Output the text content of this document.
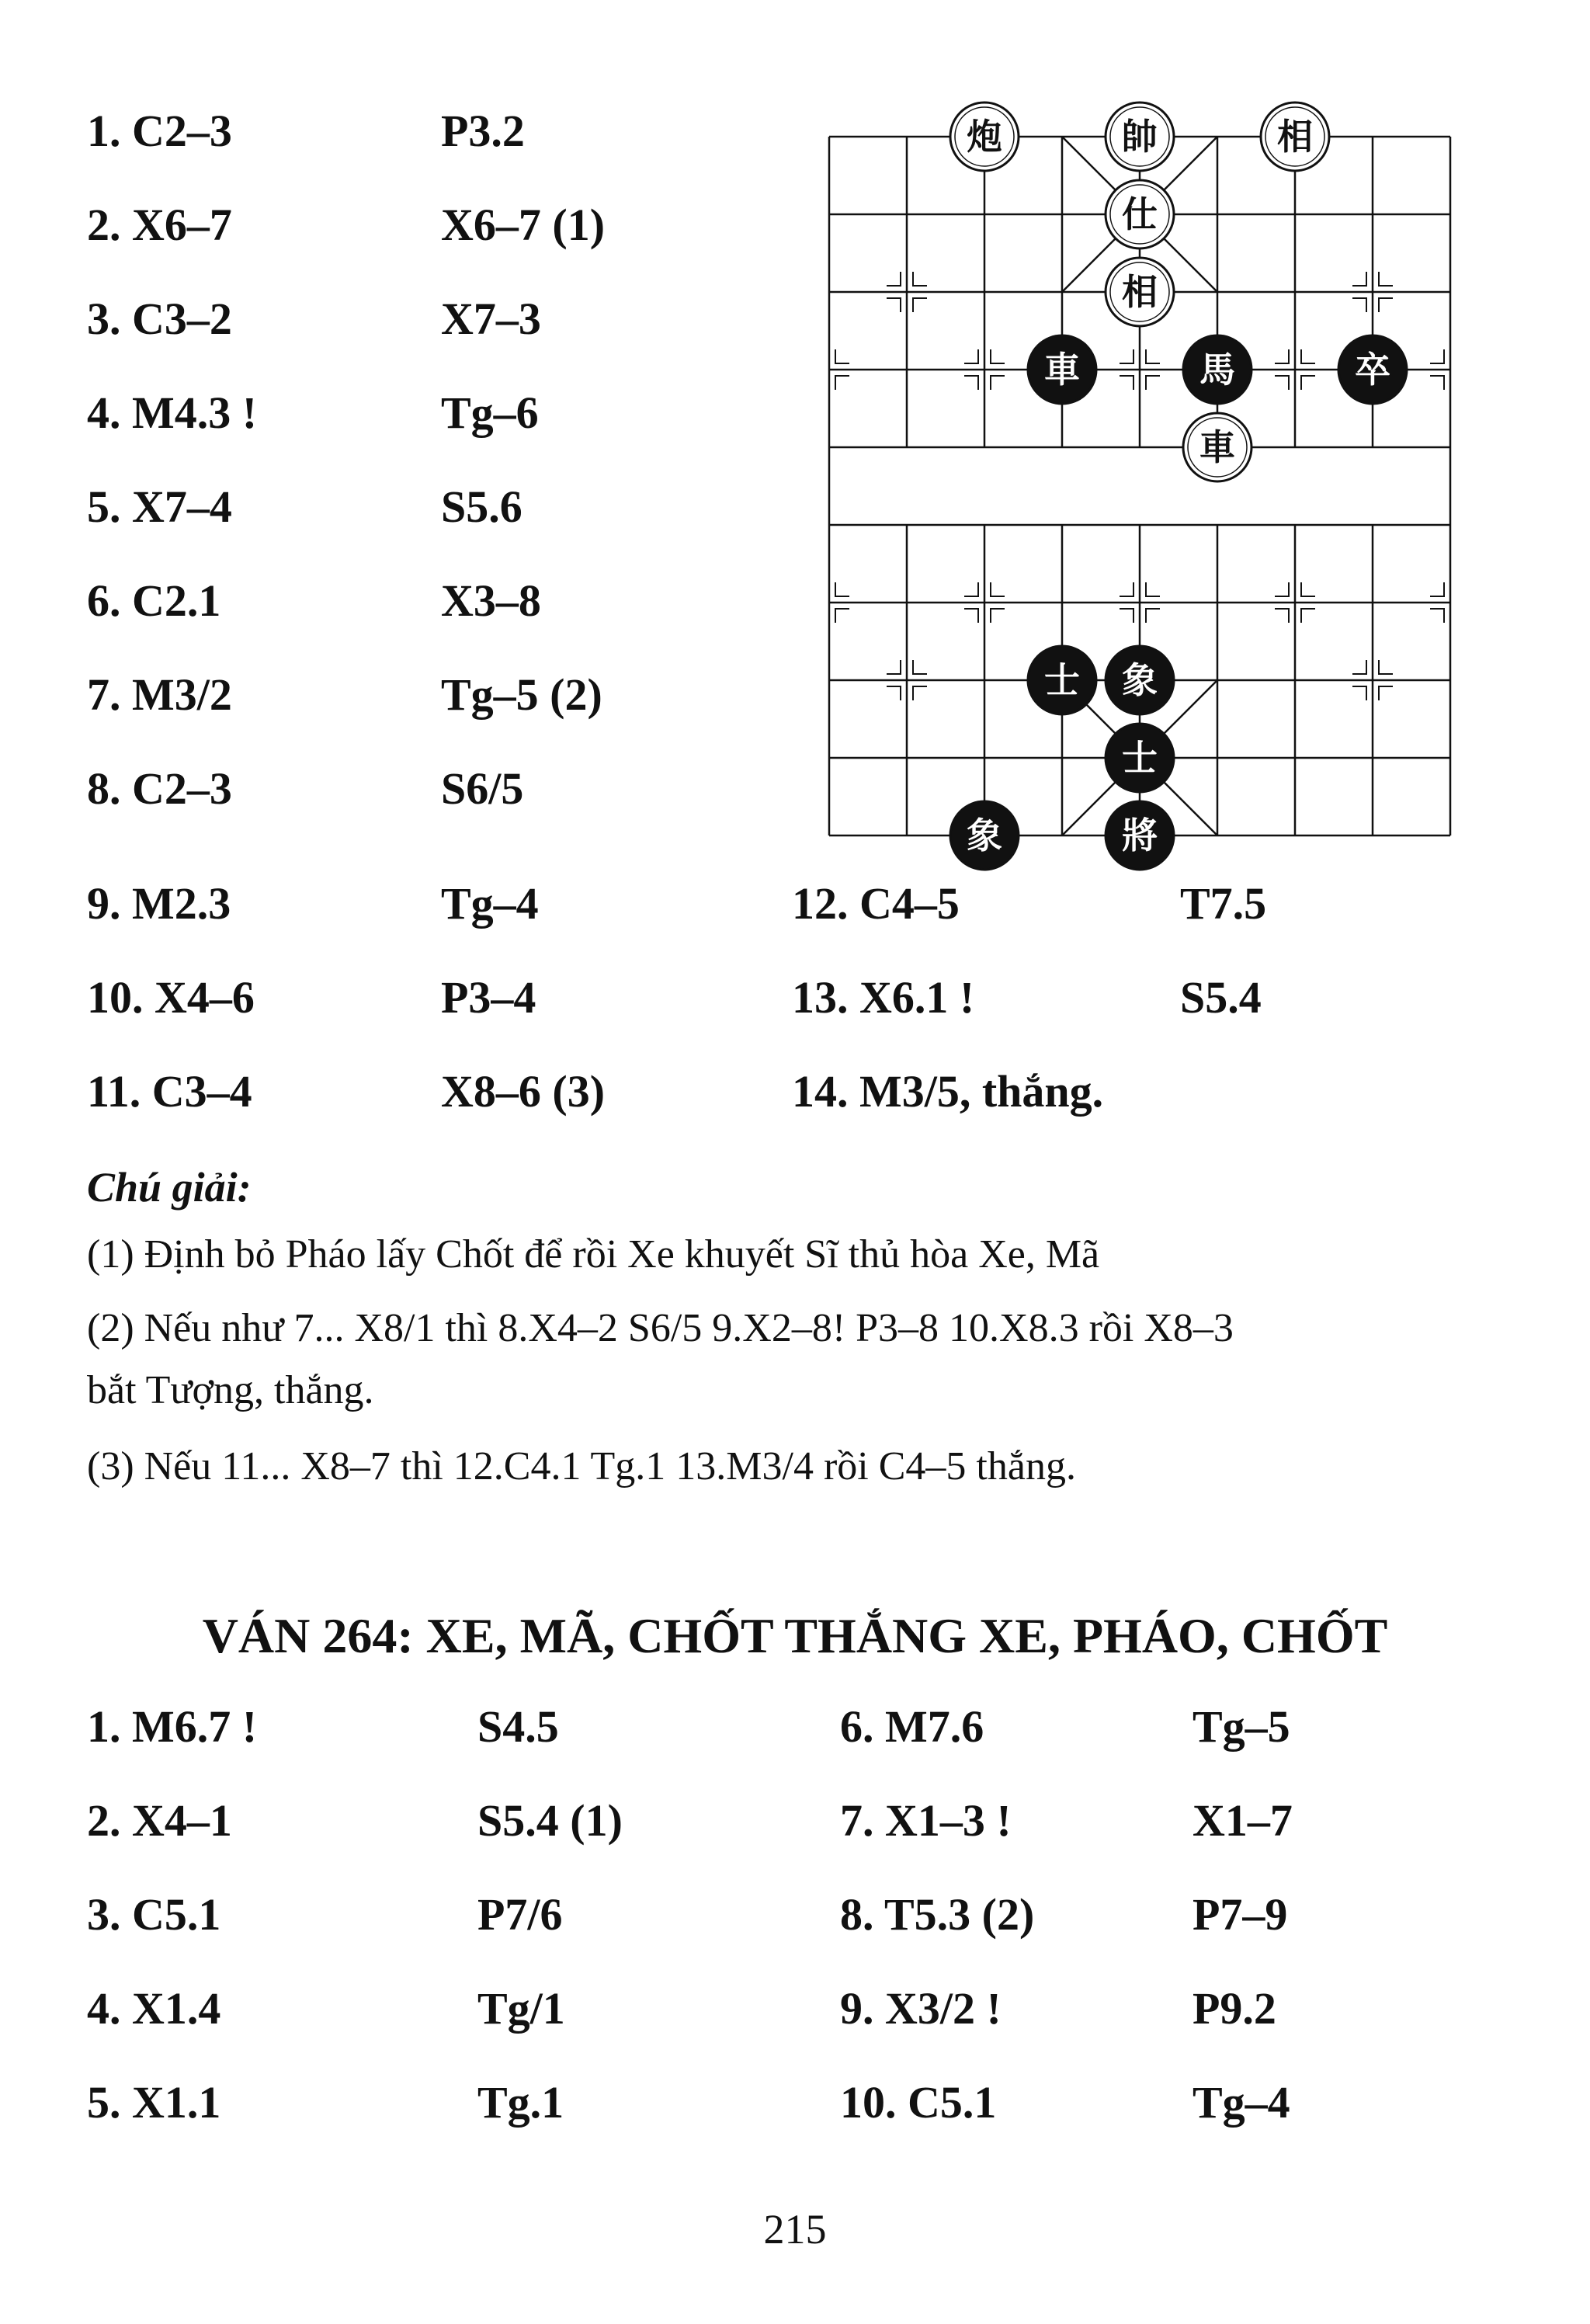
1. C2–3	P3.2
2. X6–7	X6–7 (1)
3. C3–2	X7–3
4. M4.3 !	Tg–6
5. X7–4	S5.6
6. C2.1	X3–8
7. M3/2	Tg–5 (2)
8. C2–3	S6/5
9. M2.3	Tg–4
10. X4–6	P3–4
11. C3–4	X8–6 (3)
12. C4–5	T7.5
13. X6.1 !	S5.4
14. M3/5, thắng.
Chú giải:
(1) Định bỏ Pháo lấy Chốt để rồi Xe khuyết Sĩ thủ hòa Xe, Mã
(2) Nếu như 7... X8/1 thì 8.X4–2 S6/5 9.X2–8! P3–8 10.X8.3 rồi X8–3
bắt Tượng, thắng.
(3) Nếu 11... X8–7 thì 12.C4.1 Tg.1 13.M3/4 rồi C4–5 thắng.
VÁN 264: XE, MÃ, CHỐT THẮNG XE, PHÁO, CHỐT
1. M6.7 !	S4.5
2. X4–1	S5.4 (1)
3. C5.1	P7/6
4. X1.4	Tg/1
5. X1.1	Tg.1
6. M7.6	Tg–5
7. X1–3 !	X1–7
8. T5.3 (2)	P7–9
9. X3/2 !	P9.2
10. C5.1	Tg–4
215
炮	帥	相
仕
相
車	馬	卒
車
士 象
士
象	將
